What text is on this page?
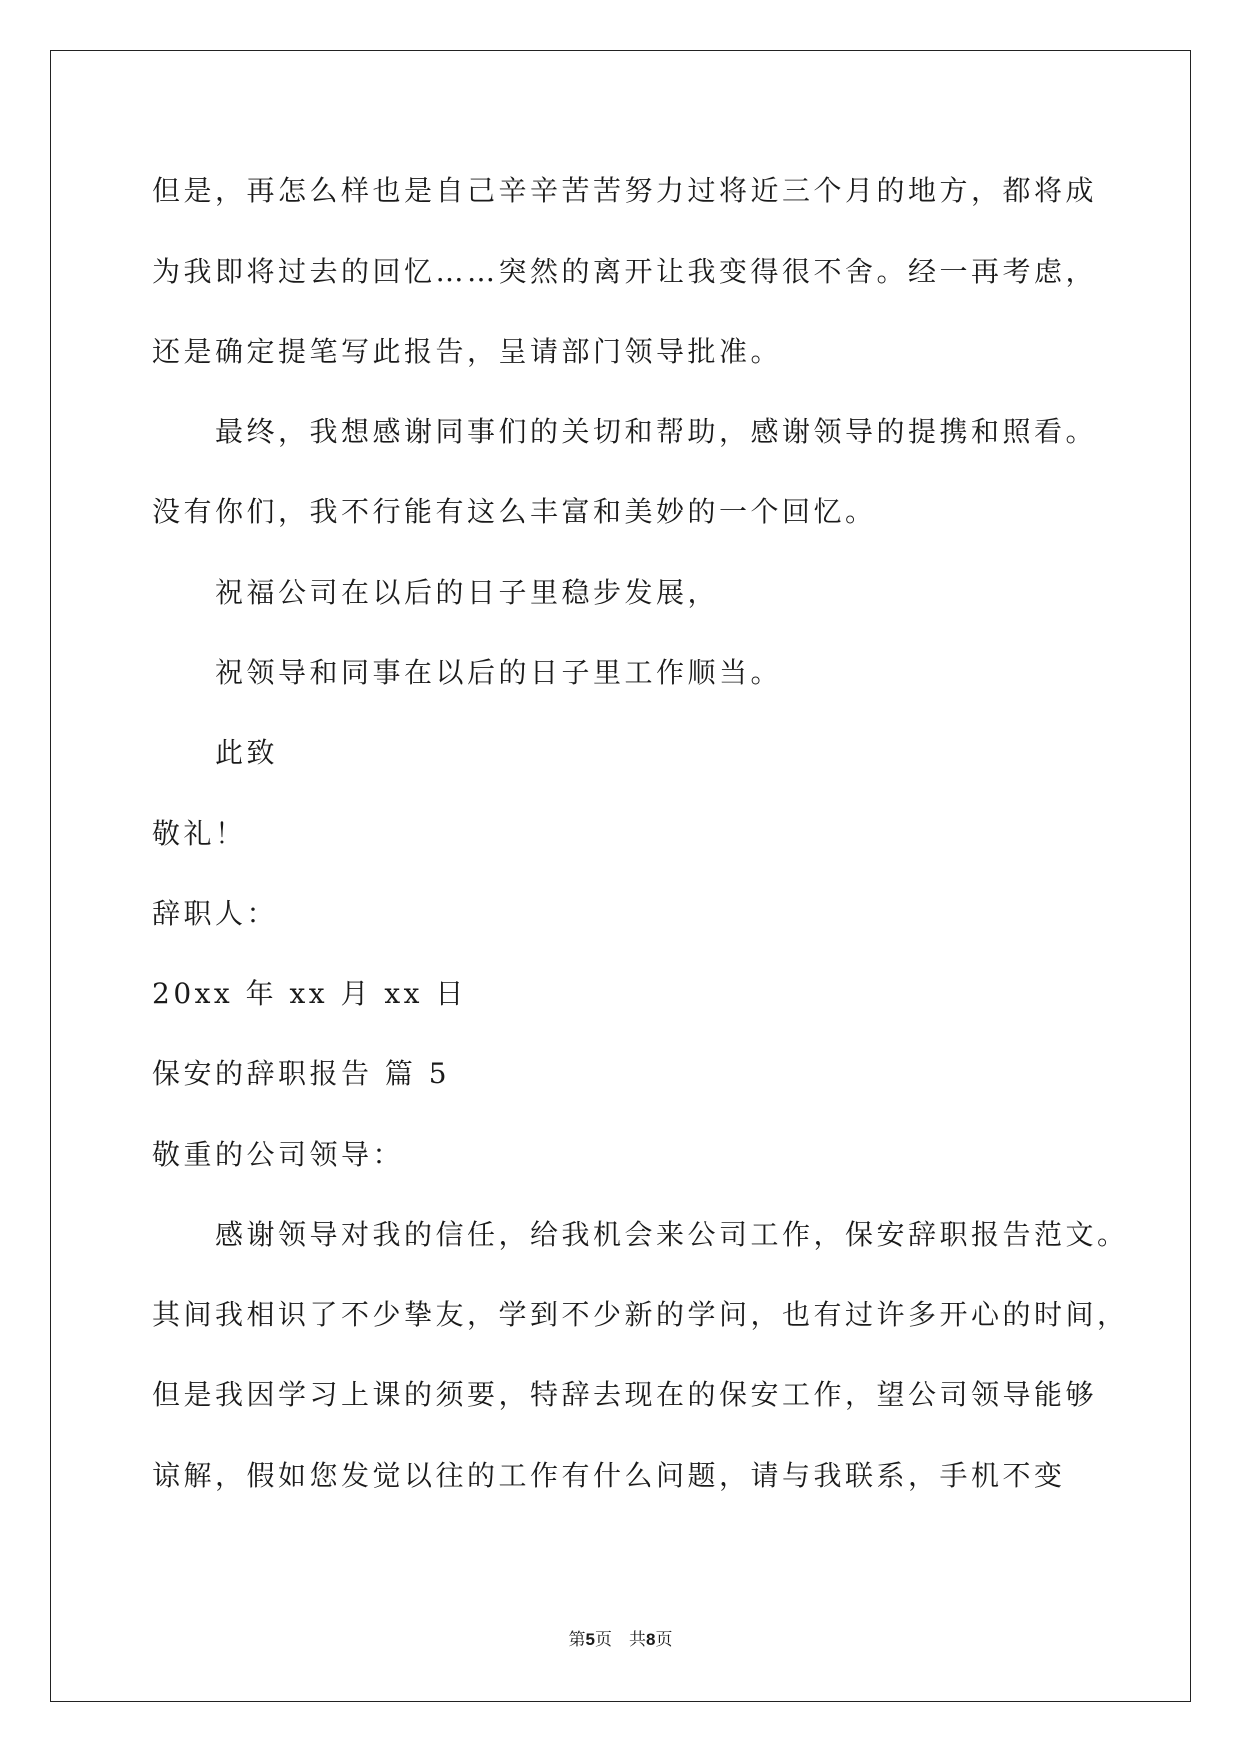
但是，再怎么样也是自己辛辛苦苦努力过将近三个月的地方，都将成
为我即将过去的回忆……突然的离开让我变得很不舍。经一再考虑，
还是确定提笔写此报告，呈请部门领导批准。
最终，我想感谢同事们的关切和帮助，感谢领导的提携和照看。
没有你们，我不行能有这么丰富和美妙的一个回忆。
祝福公司在以后的日子里稳步发展，
祝领导和同事在以后的日子里工作顺当。
此致
敬礼！
辞职人：
20xx 年 xx 月 xx 日
保安的辞职报告 篇 5
敬重的公司领导：
感谢领导对我的信任，给我机会来公司工作，保安辞职报告范文。
其间我相识了不少挚友，学到不少新的学问，也有过许多开心的时间，
但是我因学习上课的须要，特辞去现在的保安工作，望公司领导能够
谅解，假如您发觉以往的工作有什么问题，请与我联系，手机不变
第5页　共8页
